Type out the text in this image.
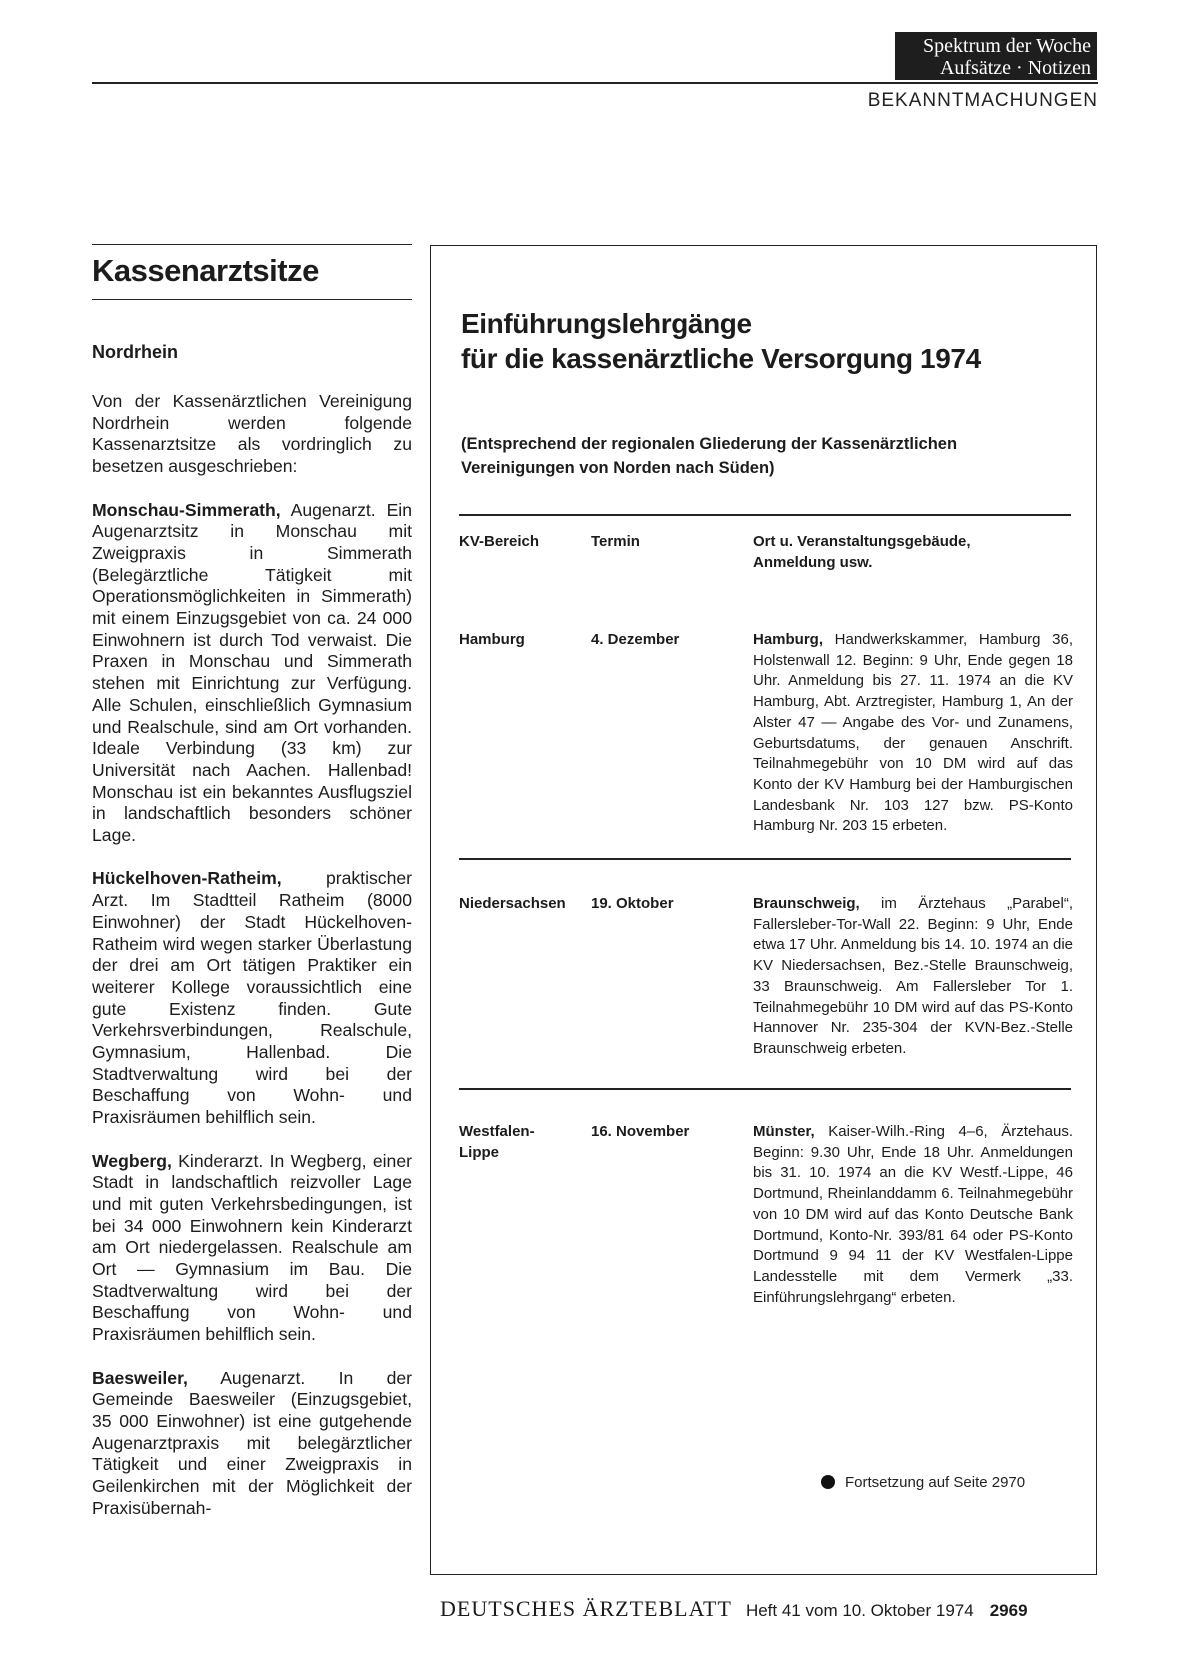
Spektrum der Woche
Aufsätze · Notizen
BEKANNTMACHUNGEN
Kassenarztsitze
Nordrhein

Von der Kassenärztlichen Vereinigung Nordrhein werden folgende Kassenarztsitze als vordringlich zu besetzen ausgeschrieben:

Monschau-Simmerath, Augenarzt. Ein Augenarztsitz in Monschau mit Zweigpraxis in Simmerath (Belegärztliche Tätigkeit mit Operationsmöglichkeiten in Simmerath) mit einem Einzugsgebiet von ca. 24 000 Einwohnern ist durch Tod verwaist. Die Praxen in Monschau und Simmerath stehen mit Einrichtung zur Verfügung. Alle Schulen, einschließlich Gymnasium und Realschule, sind am Ort vorhanden. Ideale Verbindung (33 km) zur Universität nach Aachen. Hallenbad! Monschau ist ein bekanntes Ausflugsziel in landschaftlich besonders schöner Lage.

Hückelhoven-Ratheim, praktischer Arzt. Im Stadtteil Ratheim (8000 Einwohner) der Stadt Hückelhoven-Ratheim wird wegen starker Überlastung der drei am Ort tätigen Praktiker ein weiterer Kollege voraussichtlich eine gute Existenz finden. Gute Verkehrsverbindungen, Realschule, Gymnasium, Hallenbad. Die Stadtverwaltung wird bei der Beschaffung von Wohn- und Praxisräumen behilflich sein.

Wegberg, Kinderarzt. In Wegberg, einer Stadt in landschaftlich reizvoller Lage und mit guten Verkehrsbedingungen, ist bei 34 000 Einwohnern kein Kinderarzt am Ort niedergelassen. Realschule am Ort — Gymnasium im Bau. Die Stadtverwaltung wird bei der Beschaffung von Wohn- und Praxisräumen behilflich sein.

Baesweiler, Augenarzt. In der Gemeinde Baesweiler (Einzugsgebiet, 35 000 Einwohner) ist eine gutgehende Augenarztpraxis mit belegärztlicher Tätigkeit und einer Zweigpraxis in Geilenkirchen mit der Möglichkeit der Praxisübernah-

Einführungslehrgänge
für die kassenärztliche Versorgung 1974
(Entsprechend der regionalen Gliederung der Kassenärztlichen
Vereinigungen von Norden nach Süden)
KV-Bereich	Termin	Ort u. Veranstaltungsgebäude,
Anmeldung usw.
Hamburg	4. Dezember	Hamburg, Handwerkskammer, Hamburg 36, Holstenwall 12. Beginn: 9 Uhr, Ende gegen 18 Uhr. Anmeldung bis 27. 11. 1974 an die KV Hamburg, Abt. Arztregister, Hamburg 1, An der Alster 47 — Angabe des Vor- und Zunamens, Geburtsdatums, der genauen Anschrift. Teilnahmegebühr von 10 DM wird auf das Konto der KV Hamburg bei der Hamburgischen Landesbank Nr. 103 127 bzw. PS-Konto Hamburg Nr. 203 15 erbeten.
Niedersachsen	19. Oktober	Braunschweig, im Ärztehaus „Parabel“, Fallersleber-Tor-Wall 22. Beginn: 9 Uhr, Ende etwa 17 Uhr. Anmeldung bis 14. 10. 1974 an die KV Niedersachsen, Bez.-Stelle Braunschweig, 33 Braunschweig. Am Fallersleber Tor 1. Teilnahmegebühr 10 DM wird auf das PS-Konto Hannover Nr. 235-304 der KVN-Bez.-Stelle Braunschweig erbeten.
Westfalen-
Lippe
16. November	Münster, Kaiser-Wilh.-Ring 4–6, Ärztehaus. Beginn: 9.30 Uhr, Ende 18 Uhr. Anmeldungen bis 31. 10. 1974 an die KV Westf.-Lippe, 46 Dortmund, Rheinlanddamm 6. Teilnahmegebühr von 10 DM wird auf das Konto Deutsche Bank Dortmund, Konto-Nr. 393/81 64 oder PS-Konto Dortmund 9 94 11 der KV Westfalen-Lippe Landesstelle mit dem Vermerk „33. Einführungslehrgang“ erbeten.
Fortsetzung auf Seite 2970
DEUTSCHES ÄRZTEBLATT Heft 41 vom 10. Oktober 1974 2969
